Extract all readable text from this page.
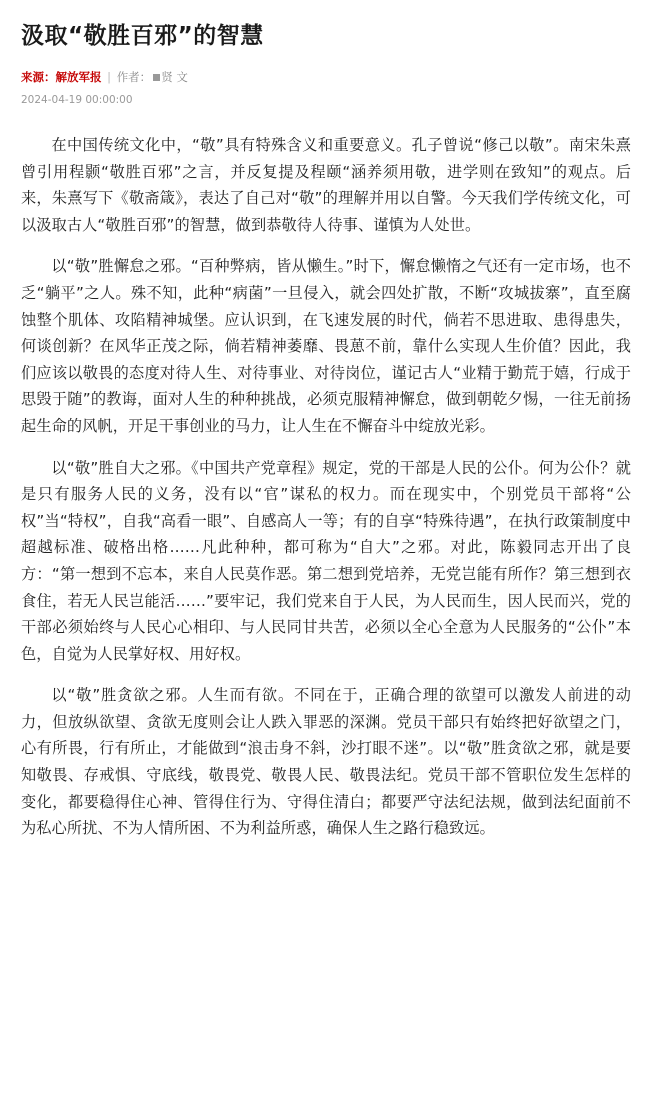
汲取“敬胜百邪”的智慧
来源：解放军报 | 作者： 贤 文
2024-04-19 00:00:00

在中国传统文化中，“敬”具有特殊含义和重要意义。孔子曾说“修己以敬”。南宋朱熹曾引用程颢“敬胜百邪”之言，并反复提及程颐“涵养须用敬，进学则在致知”的观点。后来，朱熹写下《敬斋箴》，表达了自己对“敬”的理解并用以自警。今天我们学传统文化，可以汲取古人“敬胜百邪”的智慧，做到恭敬待人待事、谨慎为人处世。

以“敬”胜懈怠之邪。“百种弊病，皆从懒生。”时下，懈怠懒惰之气还有一定市场，也不乏“躺平”之人。殊不知，此种“病菌”一旦侵入，就会四处扩散，不断“攻城拔寨”，直至腐蚀整个肌体、攻陷精神城堡。应认识到，在飞速发展的时代，倘若不思进取、患得患失，何谈创新？在风华正茂之际，倘若精神萎靡、畏葸不前，靠什么实现人生价值？因此，我们应该以敬畏的态度对待人生、对待事业、对待岗位，谨记古人“业精于勤荒于嬉，行成于思毁于随”的教诲，面对人生的种种挑战，必须克服精神懈怠，做到朝乾夕惕，一往无前扬起生命的风帆，开足干事创业的马力，让人生在不懈奋斗中绽放光彩。

以“敬”胜自大之邪。《中国共产党章程》规定，党的干部是人民的公仆。何为公仆？就是只有服务人民的义务，没有以“官”谋私的权力。而在现实中，个别党员干部将“公权”当“特权”，自我“高看一眼”、自感高人一等；有的自享“特殊待遇”，在执行政策制度中超越标准、破格出格……凡此种种，都可称为“自大”之邪。对此，陈毅同志开出了良方：“第一想到不忘本，来自人民莫作恶。第二想到党培养，无党岂能有所作？第三想到衣食住，若无人民岂能活……”要牢记，我们党来自于人民，为人民而生，因人民而兴，党的干部必须始终与人民心心相印、与人民同甘共苦，必须以全心全意为人民服务的“公仆”本色，自觉为人民掌好权、用好权。

以“敬”胜贪欲之邪。人生而有欲。不同在于，正确合理的欲望可以激发人前进的动力，但放纵欲望、贪欲无度则会让人跌入罪恶的深渊。党员干部只有始终把好欲望之门，心有所畏，行有所止，才能做到“浪击身不斜，沙打眼不迷”。以“敬”胜贪欲之邪，就是要知敬畏、存戒惧、守底线，敬畏党、敬畏人民、敬畏法纪。党员干部不管职位发生怎样的变化，都要稳得住心神、管得住行为、守得住清白；都要严守法纪法规，做到法纪面前不为私心所扰、不为人情所困、不为利益所惑，确保人生之路行稳致远。
